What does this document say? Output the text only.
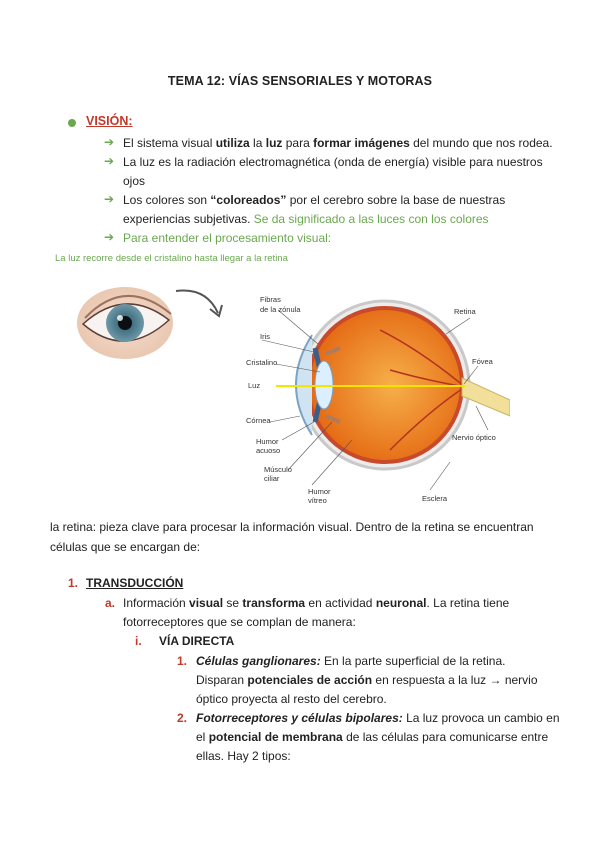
TEMA 12: VÍAS SENSORIALES Y MOTORAS
VISIÓN:
➔ El sistema visual utiliza la luz para formar imágenes del mundo que nos rodea.
➔ La luz es la radiación electromagnética (onda de energía) visible para nuestros
ojos
➔ Los colores son “coloreados” por el cerebro sobre la base de nuestras
experiencias subjetivas. Se da significado a las luces con los colores
➔ Para entender el procesamiento visual:
La luz recorre desde el cristalino hasta llegar a la retina
Fibras
de la zónula
Iris
Cristalino
Luz
Córnea
Humor
acuoso
Músculo
ciliar
Humor
vítreo	Esclera
Retina
Fóvea
Nervio óptico
la retina: pieza clave para procesar la información visual. Dentro de la retina se encuentran
células que se encargan de:
1. TRANSDUCCIÓN
a. Información visual se transforma en actividad neuronal. La retina tiene
fotorreceptores que se complan de manera:
i. VÍA DIRECTA
1. Células ganglionares: En la parte superficial de la retina.
Disparan potenciales de acción en respuesta a la luz → nervio
óptico proyecta al resto del cerebro.
2. Fotorreceptores y células bipolares: La luz provoca un cambio en
el potencial de membrana de las células para comunicarse entre
ellas. Hay 2 tipos:
